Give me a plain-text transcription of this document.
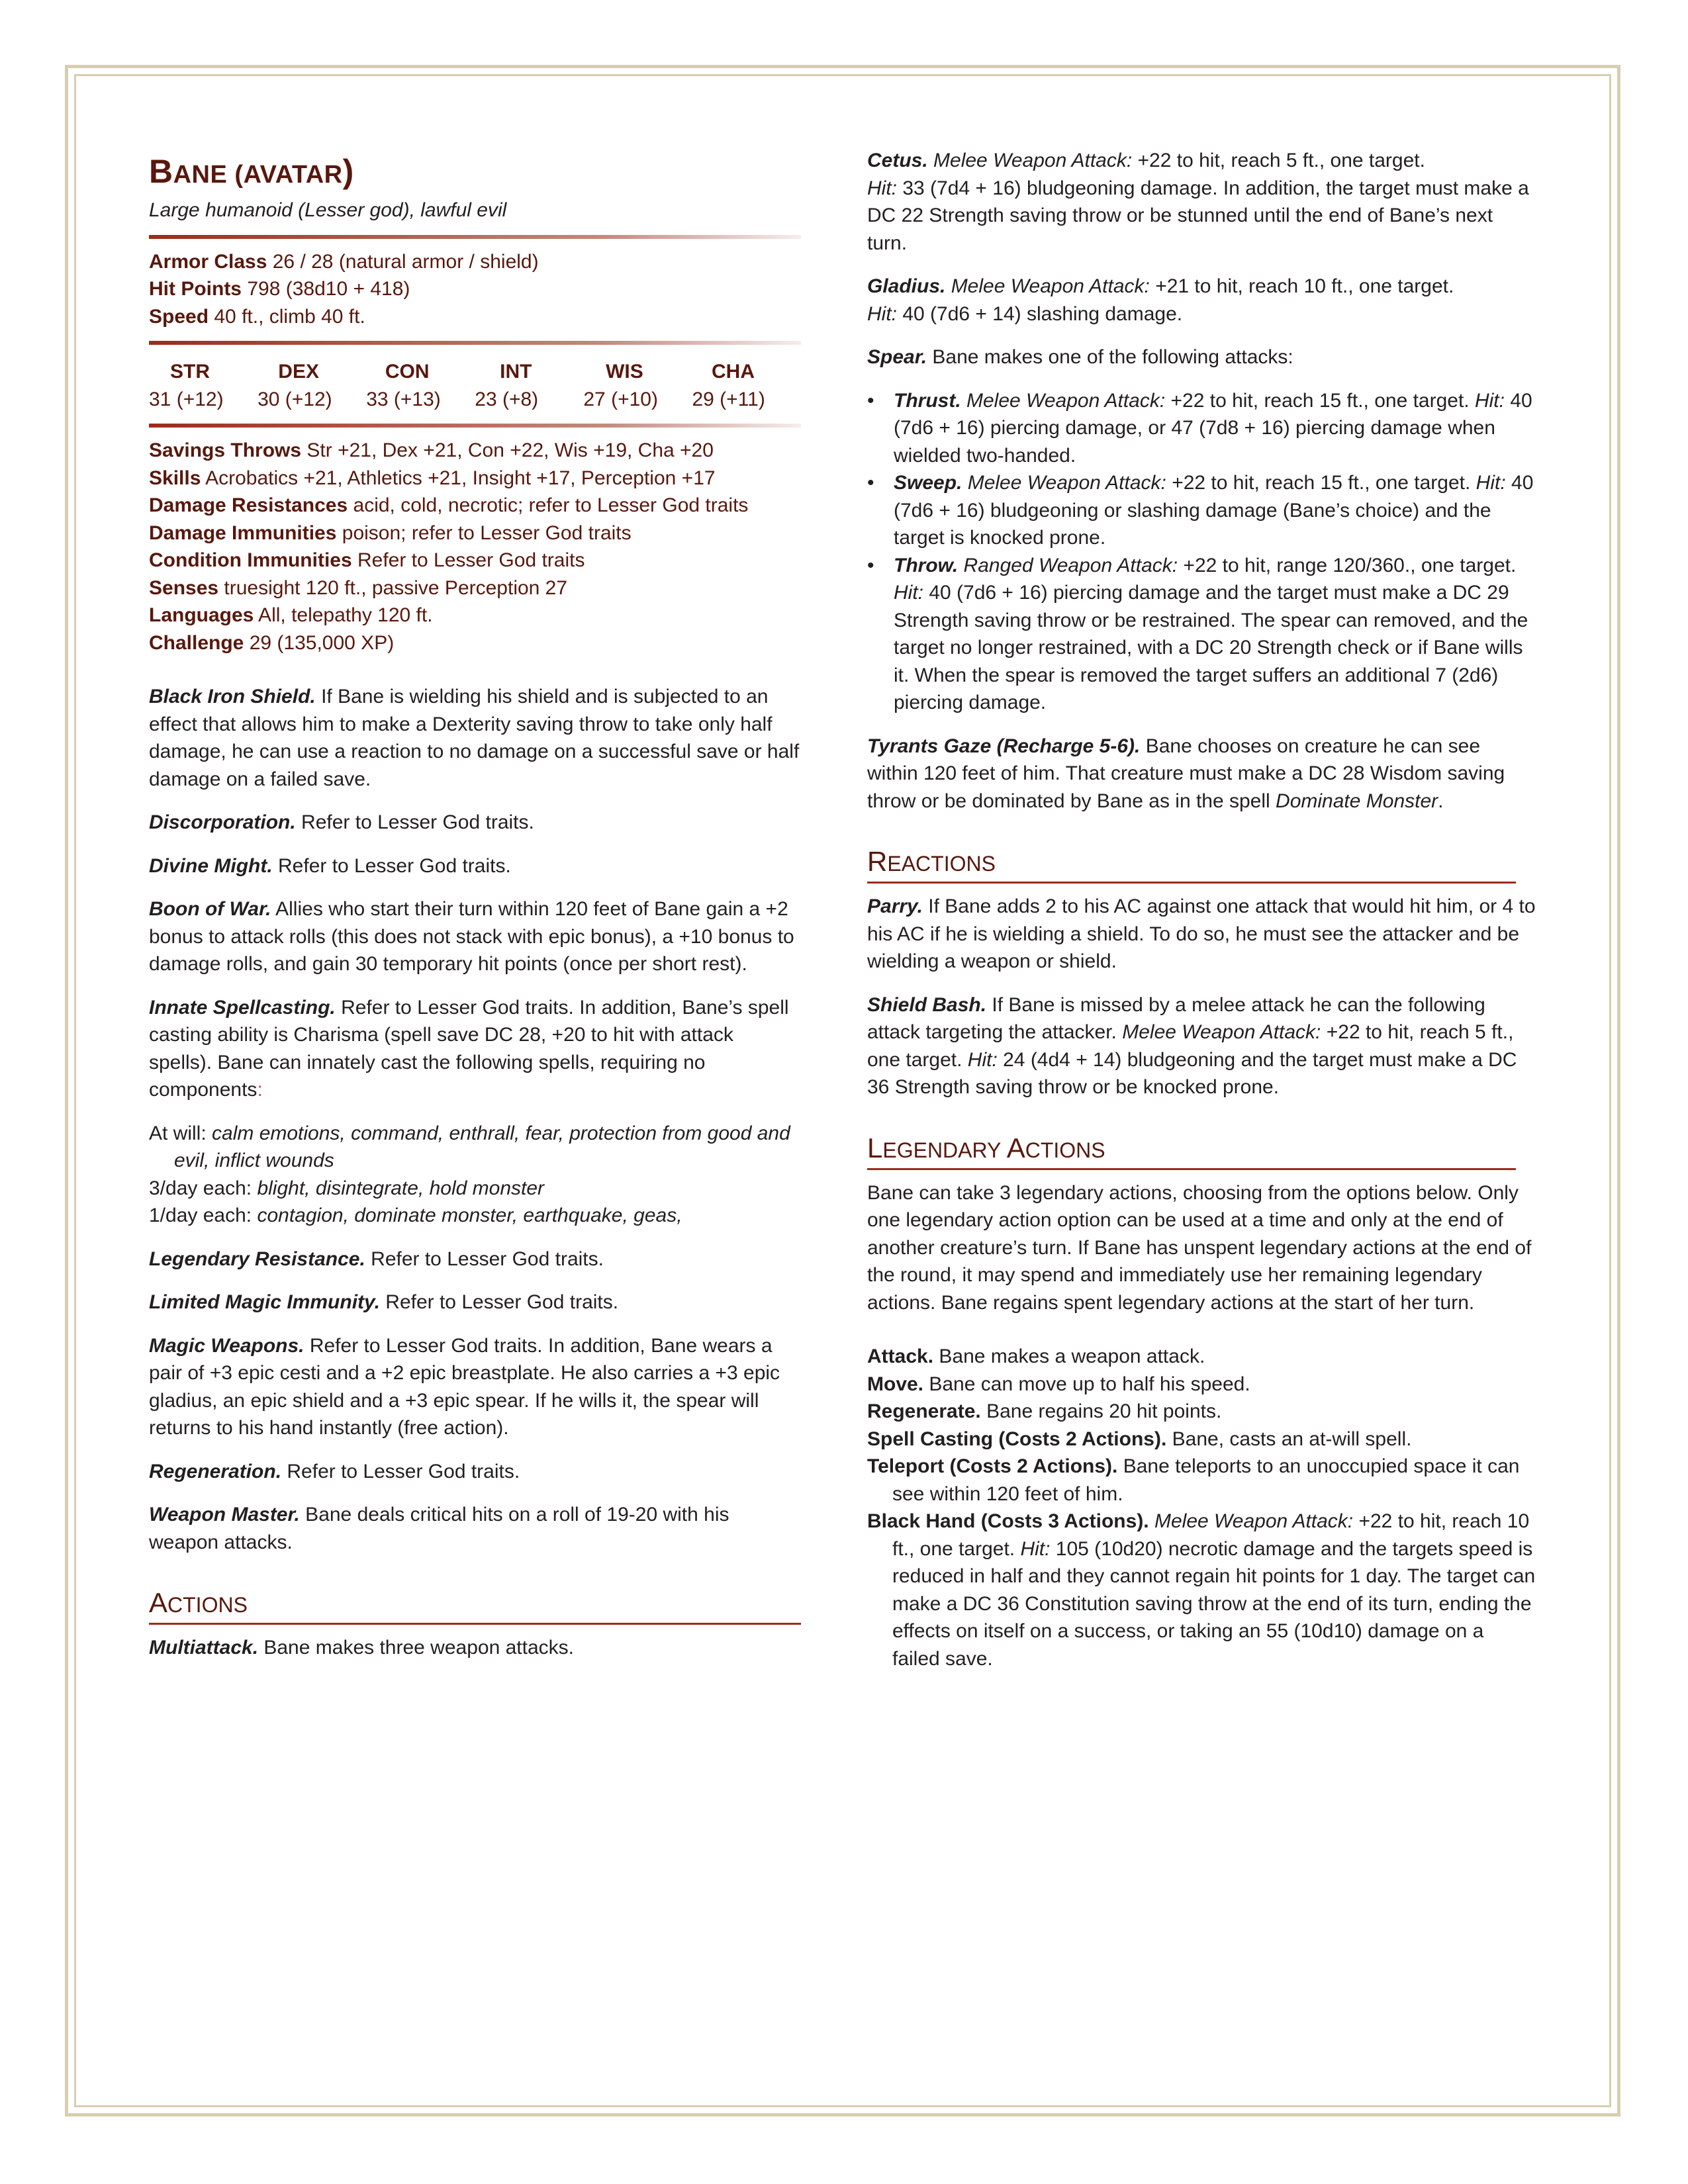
BANE (AVATAR)
Large humanoid (Lesser god), lawful evil
Armor Class 26 / 28 (natural armor / shield)
Hit Points 798 (38d10 + 418)
Speed 40 ft., climb 40 ft.
STR
31 (+12)
DEX
30 (+12)
CON
33 (+13)
INT
23 (+8)
WIS
27 (+10)
CHA
29 (+11)
Savings Throws Str +21, Dex +21, Con +22, Wis +19, Cha +20
Skills Acrobatics +21, Athletics +21, Insight +17, Perception +17
Damage Resistances acid, cold, necrotic; refer to Lesser God traits
Damage Immunities poison; refer to Lesser God traits
Condition Immunities Refer to Lesser God traits
Senses truesight 120 ft., passive Perception 27
Languages All, telepathy 120 ft.
Challenge 29 (135,000 XP)

Black Iron Shield. If Bane is wielding his shield and is subjected to an effect that allows him to make a Dexterity saving throw to take only half damage, he can use a reaction to no damage on a successful save or half damage on a failed save.

Discorporation. Refer to Lesser God traits.

Divine Might. Refer to Lesser God traits.

Boon of War. Allies who start their turn within 120 feet of Bane gain a +2 bonus to attack rolls (this does not stack with epic bonus), a +10 bonus to damage rolls, and gain 30 temporary hit points (once per short rest).

Innate Spellcasting. Refer to Lesser God traits. In addition, Bane’s spell casting ability is Charisma (spell save DC 28, +20 to hit with attack spells). Bane can innately cast the following spells, requiring no components:

At will: calm emotions, command, enthrall, fear, protection from good and evil, inflict wounds
3/day each: blight, disintegrate, hold monster
1/day each: contagion, dominate monster, earthquake, geas,

Legendary Resistance. Refer to Lesser God traits.

Limited Magic Immunity. Refer to Lesser God traits.

Magic Weapons. Refer to Lesser God traits. In addition, Bane wears a pair of +3 epic cesti and a +2 epic breastplate. He also carries a +3 epic gladius, an epic shield and a +3 epic spear. If he wills it, the spear will returns to his hand instantly (free action).

Regeneration. Refer to Lesser God traits.

Weapon Master. Bane deals critical hits on a roll of 19-20 with his weapon attacks.

ACTIONS

Multiattack. Bane makes three weapon attacks.

Cetus. Melee Weapon Attack: +22 to hit, reach 5 ft., one target.
Hit: 33 (7d4 + 16) bludgeoning damage. In addition, the target must make a DC 22 Strength saving throw or be stunned until the end of Bane’s next turn.

Gladius. Melee Weapon Attack: +21 to hit, reach 10 ft., one target.
Hit: 40 (7d6 + 14) slashing damage.

Spear. Bane makes one of the following attacks:

• Thrust. Melee Weapon Attack: +22 to hit, reach 15 ft., one target. Hit: 40 (7d6 + 16) piercing damage, or 47 (7d8 + 16) piercing damage when wielded two-handed.
• Sweep. Melee Weapon Attack: +22 to hit, reach 15 ft., one target. Hit: 40 (7d6 + 16) bludgeoning or slashing damage (Bane’s choice) and the target is knocked prone.
• Throw. Ranged Weapon Attack: +22 to hit, range 120/360., one target. Hit: 40 (7d6 + 16) piercing damage and the target must make a DC 29 Strength saving throw or be restrained. The spear can removed, and the target no longer restrained, with a DC 20 Strength check or if Bane wills it. When the spear is removed the target suffers an additional 7 (2d6) piercing damage.

Tyrants Gaze (Recharge 5-6). Bane chooses on creature he can see within 120 feet of him. That creature must make a DC 28 Wisdom saving throw or be dominated by Bane as in the spell Dominate Monster.

REACTIONS

Parry. If Bane adds 2 to his AC against one attack that would hit him, or 4 to his AC if he is wielding a shield. To do so, he must see the attacker and be wielding a weapon or shield.

Shield Bash. If Bane is missed by a melee attack he can the following attack targeting the attacker. Melee Weapon Attack: +22 to hit, reach 5 ft., one target. Hit: 24 (4d4 + 14) bludgeoning and the target must make a DC 36 Strength saving throw or be knocked prone.

LEGENDARY ACTIONS

Bane can take 3 legendary actions, choosing from the options below. Only one legendary action option can be used at a time and only at the end of another creature’s turn. If Bane has unspent legendary actions at the end of the round, it may spend and immediately use her remaining legendary actions. Bane regains spent legendary actions at the start of her turn.

Attack. Bane makes a weapon attack.
Move. Bane can move up to half his speed.
Regenerate. Bane regains 20 hit points.
Spell Casting (Costs 2 Actions). Bane, casts an at-will spell.
Teleport (Costs 2 Actions). Bane teleports to an unoccupied space it can see within 120 feet of him.
Black Hand (Costs 3 Actions). Melee Weapon Attack: +22 to hit, reach 10 ft., one target. Hit: 105 (10d20) necrotic damage and the targets speed is reduced in half and they cannot regain hit points for 1 day. The target can make a DC 36 Constitution saving throw at the end of its turn, ending the effects on itself on a success, or taking an 55 (10d10) damage on a failed save.
